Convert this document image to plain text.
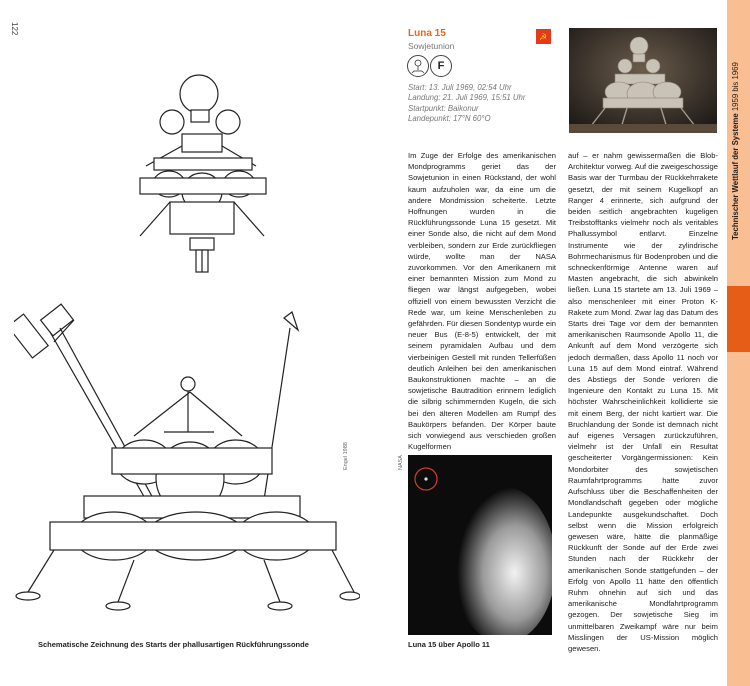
122
Technischer Wettlauf der Systeme 1959 bis 1969
Engel 1988
Schematische Zeichnung des Starts der phallusartigen Rückführungssonde
Luna 15
Sowjetunion
☭
F
Start: 13. Juli 1969, 02:54 Uhr
Landung: 21. Juli 1969, 15:51 Uhr
Startpunkt: Baikonur
Landepunkt: 17°N 60°O
Im Zuge der Erfolge des amerikanischen Mondprogramms geriet das der Sowjetunion in einen Rückstand, der wohl kaum aufzuholen war, da eine um die andere Mondmission scheiterte. Letzte Hoffnungen wurden in die Rückführungssonde Luna 15 gesetzt. Mit einer Sonde also, die nicht auf dem Mond verbleiben, sondern zur Erde zurückfliegen würde, wollte man der NASA zuvorkommen. Vor den Amerikanern mit einer bemannten Mission zum Mond zu fliegen war längst aufgegeben, wobei offiziell von einem bewussten Verzicht die Rede war, um keine Menschenleben zu gefährden. Für diesen Sondentyp wurde ein neuer Bus (E-8-5) entwickelt, der mit seinem pyramidalen Aufbau und dem vierbeinigen Gestell mit runden Tellerfüßen deutlich Anleihen bei den amerikanischen Baukonstruktionen machte – an die sowjetische Bautradition erinnern lediglich die silbrig schimmernden Kugeln, die sich bei den älteren Modellen am Rumpf des Baukörpers befanden. Der Körper baute sich vorwiegend aus verschieden großen Kugelformen
auf – er nahm gewissermaßen die Blob-Architektur vorweg. Auf die zweigeschossige Basis war der Turmbau der Rückkehrrakete gesetzt, der mit seinem Kugelkopf an Ranger 4 erinnerte, sich aufgrund der beiden seitlich angebrachten kugeligen Treibstofftanks vielmehr noch als veritables Phallussymbol entlarvt. Einzelne Instrumente wie der zylindrische Bohrmechanismus für Bodenproben und die schneckenförmige Antenne waren auf Masten angebracht, die sich abwinkeln ließen. Luna 15 startete am 13. Juli 1969 – also menschenleer mit einer Proton K-Rakete zum Mond. Zwar lag das Datum des Starts drei Tage vor dem der bemannten amerikanischen Raumsonde Apollo 11, die Ankunft auf dem Mond verzögerte sich jedoch dermaßen, dass Apollo 11 noch vor Luna 15 auf dem Mond eintraf. Während des Abstiegs der Sonde verloren die Ingenieure den Kontakt zu Luna 15. Mit höchster Wahrscheinlichkeit kollidierte sie mit einem Berg, der nicht kartiert war. Die Bruchlandung der Sonde ist demnach nicht auf eigenes Versagen zurückzuführen, vielmehr ist der Unfall ein Resultat gescheiterter Vorgängermissionen: Kein Mondorbiter des sowjetischen Raumfahrtprogramms hatte zuvor Aufschluss über die Beschaffenheiten der Mondlandschaft gegeben oder mögliche Landepunkte ausgekundschaftet. Doch selbst wenn die Mission erfolgreich gewesen wäre, hätte die planmäßige Rückkunft der Sonde auf der Erde zwei Stunden nach der Rückkehr der amerikanischen Sonde stattgefunden – der Erfolg von Apollo 11 hätte den öffentlich Ruhm ohnehin auf sich und das amerikanische Mondfahrtprogramm gezogen. Der sowjetische Sieg im unmittelbaren Zweikampf wäre nur beim Misslingen der US-Mission möglich gewesen.
NASA
Luna 15 über Apollo 11
